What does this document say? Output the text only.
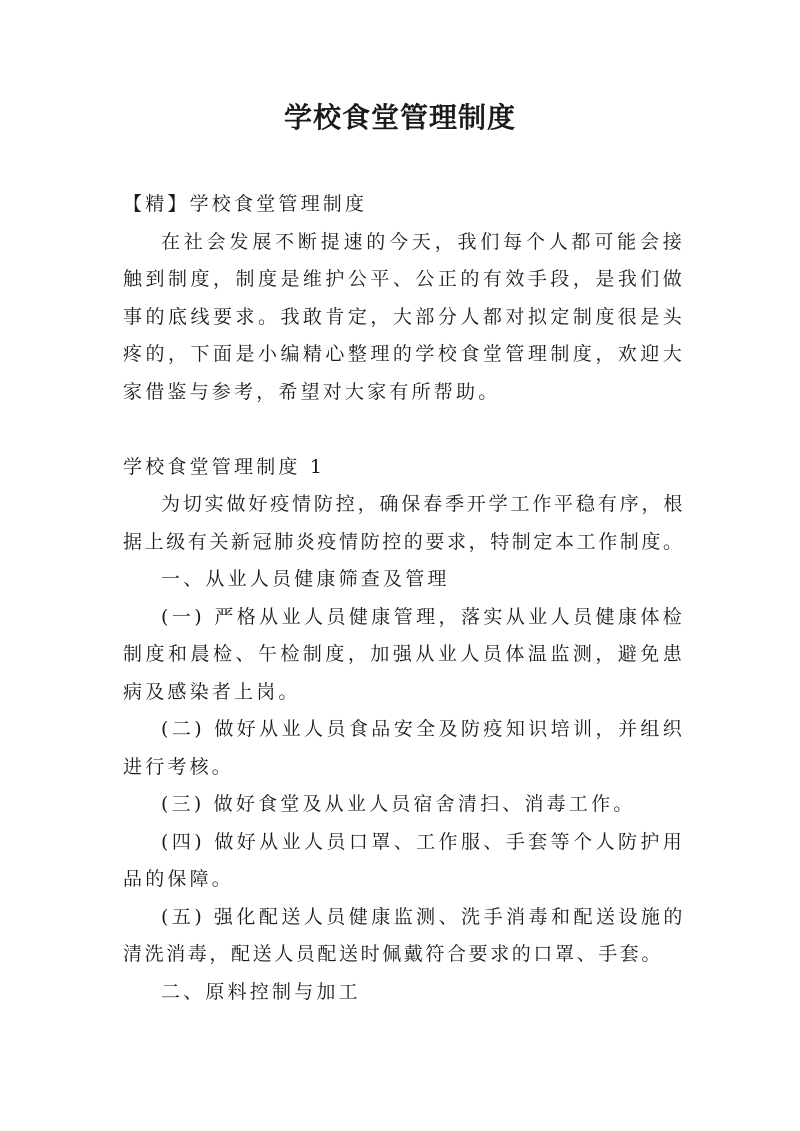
学校食堂管理制度

【精】学校食堂管理制度

在社会发展不断提速的今天，我们每个人都可能会接触到制度，制度是维护公平、公正的有效手段，是我们做事的底线要求。我敢肯定，大部分人都对拟定制度很是头疼的，下面是小编精心整理的学校食堂管理制度，欢迎大家借鉴与参考，希望对大家有所帮助。

学校食堂管理制度 1

为切实做好疫情防控，确保春季开学工作平稳有序，根据上级有关新冠肺炎疫情防控的要求，特制定本工作制度。

一、从业人员健康筛查及管理

(一) 严格从业人员健康管理，落实从业人员健康体检制度和晨检、午检制度，加强从业人员体温监测，避免患病及感染者上岗。

(二) 做好从业人员食品安全及防疫知识培训，并组织进行考核。

(三) 做好食堂及从业人员宿舍清扫、消毒工作。

(四) 做好从业人员口罩、工作服、手套等个人防护用品的保障。

(五) 强化配送人员健康监测、洗手消毒和配送设施的清洗消毒，配送人员配送时佩戴符合要求的口罩、手套。

二、原料控制与加工
